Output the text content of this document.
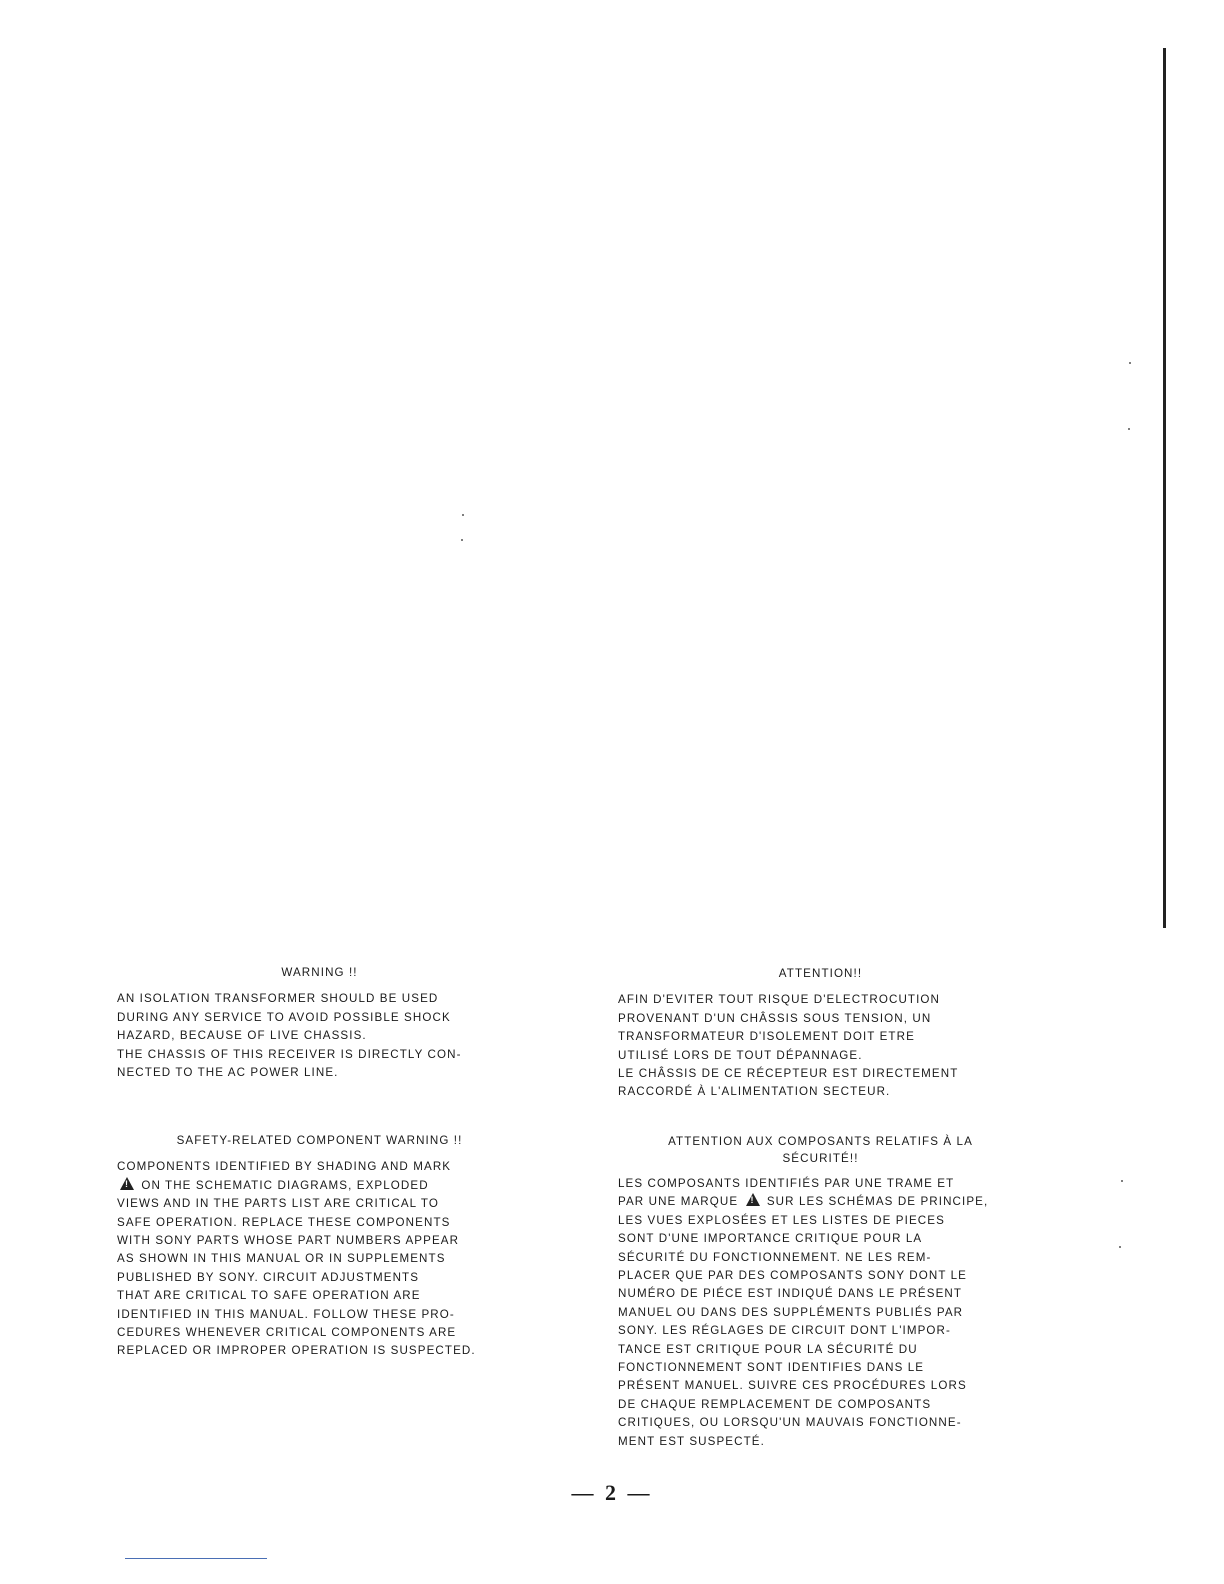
WARNING !!

AN ISOLATION TRANSFORMER SHOULD BE USED
DURING ANY SERVICE TO AVOID POSSIBLE SHOCK
HAZARD, BECAUSE OF LIVE CHASSIS.
THE CHASSIS OF THIS RECEIVER IS DIRECTLY CON-
NECTED TO THE AC POWER LINE.

ATTENTION!!

AFIN D'EVITER TOUT RISQUE D'ELECTROCUTION
PROVENANT D'UN CHÂSSIS SOUS TENSION, UN
TRANSFORMATEUR D'ISOLEMENT DOIT ETRE
UTILISÉ LORS DE TOUT DÉPANNAGE.
LE CHÂSSIS DE CE RÉCEPTEUR EST DIRECTEMENT
RACCORDÉ À L'ALIMENTATION SECTEUR.

SAFETY-RELATED COMPONENT WARNING !!

COMPONENTS IDENTIFIED BY SHADING AND MARK
! ON THE SCHEMATIC DIAGRAMS, EXPLODED
VIEWS AND IN THE PARTS LIST ARE CRITICAL TO
SAFE OPERATION. REPLACE THESE COMPONENTS
WITH SONY PARTS WHOSE PART NUMBERS APPEAR
AS SHOWN IN THIS MANUAL OR IN SUPPLEMENTS
PUBLISHED BY SONY. CIRCUIT ADJUSTMENTS
THAT ARE CRITICAL TO SAFE OPERATION ARE
IDENTIFIED IN THIS MANUAL. FOLLOW THESE PRO-
CEDURES WHENEVER CRITICAL COMPONENTS ARE
REPLACED OR IMPROPER OPERATION IS SUSPECTED.

ATTENTION AUX COMPOSANTS RELATIFS À LA
SÉCURITÉ!!

LES COMPOSANTS IDENTIFIÉS PAR UNE TRAME ET
PAR UNE MARQUE ! SUR LES SCHÉMAS DE PRINCIPE,
LES VUES EXPLOSÉES ET LES LISTES DE PIECES
SONT D'UNE IMPORTANCE CRITIQUE POUR LA
SÉCURITÉ DU FONCTIONNEMENT. NE LES REM-
PLACER QUE PAR DES COMPOSANTS SONY DONT LE
NUMÉRO DE PIÉCE EST INDIQUÉ DANS LE PRÉSENT
MANUEL OU DANS DES SUPPLÉMENTS PUBLIÉS PAR
SONY. LES RÉGLAGES DE CIRCUIT DONT L'IMPOR-
TANCE EST CRITIQUE POUR LA SÉCURITÉ DU
FONCTIONNEMENT SONT IDENTIFIES DANS LE
PRÉSENT MANUEL. SUIVRE CES PROCÉDURES LORS
DE CHAQUE REMPLACEMENT DE COMPOSANTS
CRITIQUES, OU LORSQU'UN MAUVAIS FONCTIONNE-
MENT EST SUSPECTÉ.

— 2 —
